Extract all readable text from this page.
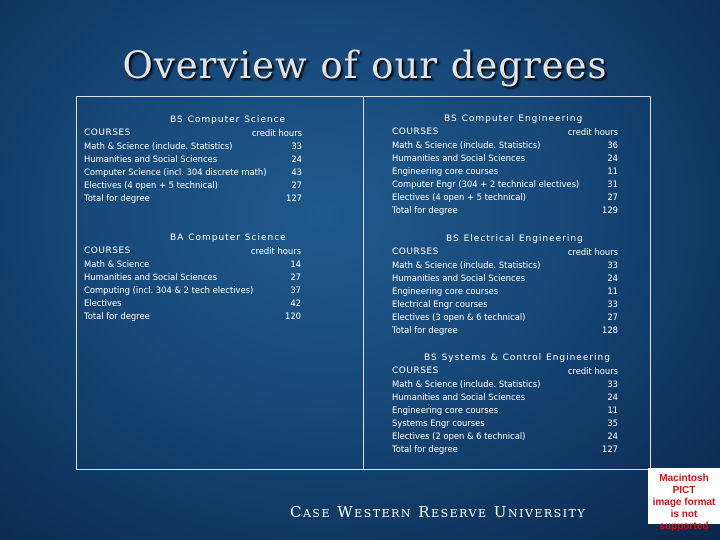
Overview of our degrees
BS Computer Science
COURSES	credit hours
Math & Science (include. Statistics)	33
Humanities and Social Sciences	24
Computer Science (incl. 304 discrete math)	43
Electives (4 open + 5 technical)	27
Total for degree	127
BA Computer Science
COURSES	credit hours
Math & Science	14
Humanities and Social Sciences	27
Computing (incl. 304 & 2 tech electives)	37
Electives	42
Total for degree	120
BS Computer Engineering
COURSES	credit hours
Math & Science (include. Statistics)	36
Humanities and Social Sciences	24
Engineering core courses	11
Computer Engr (304 + 2 technical electives)	31
Electives (4 open + 5 technical)	27
Total for degree	129
BS Electrical Engineering
COURSES	credit hours
Math & Science (include. Statistics)	33
Humanities and Social Sciences	24
Engineering core courses	11
Electrical Engr courses	33
Electives (3 open & 6 technical)	27
Total for degree	128
BS Systems & Control Engineering
COURSES	credit hours
Math & Science (include. Statistics)	33
Humanities and Social Sciences	24
Engineering core courses	11
Systems Engr courses	35
Electives (2 open & 6 technical)	24
Total for degree	127
Case Western Reserve University
Macintosh PICT
image format
is not supported
